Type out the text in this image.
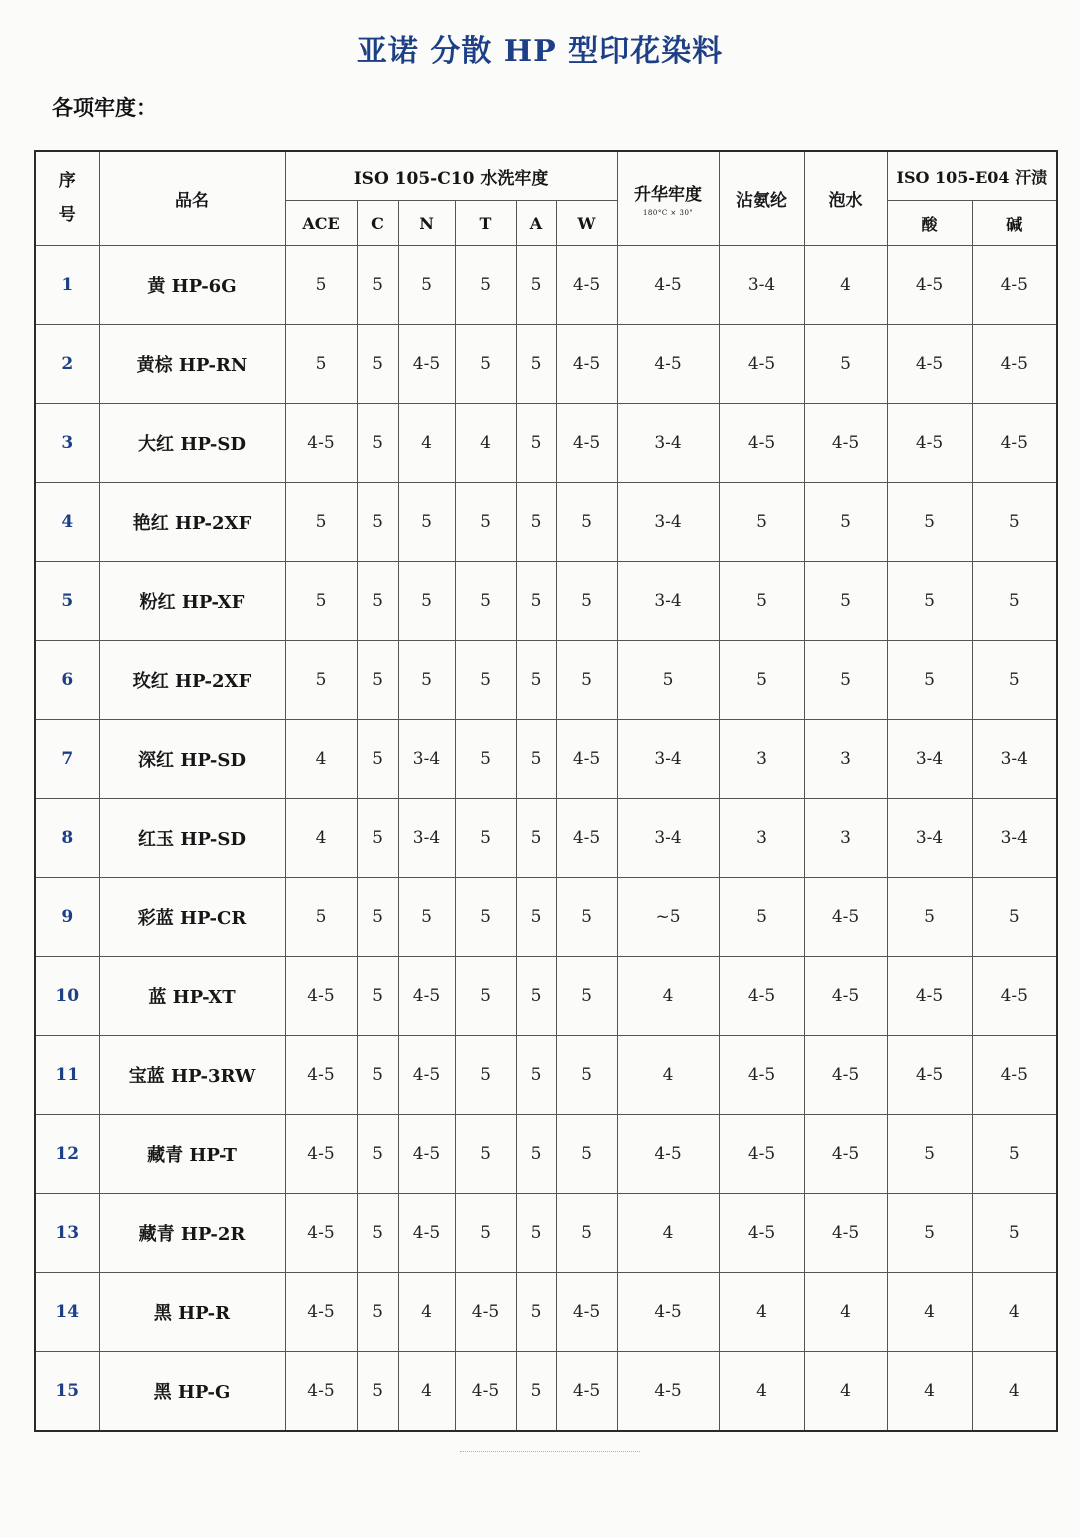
亚诺 分散 HP 型印花染料
各项牢度：
序号	品名	ISO 105-C10 水洗牢度						升华牢度
180°C × 30"	沾氨纶	泡水	ISO 105-E04 汗渍	
		ACE	C	N	T	A	W				酸	碱
1	黄 HP-6G	5	5	5	5	5	4-5	4-5	3-4	4	4-5	4-5
2	黄棕 HP-RN	5	5	4-5	5	5	4-5	4-5	4-5	5	4-5	4-5
3	大红 HP-SD	4-5	5	4	4	5	4-5	3-4	4-5	4-5	4-5	4-5
4	艳红 HP-2XF	5	5	5	5	5	5	3-4	5	5	5	5
5	粉红 HP-XF	5	5	5	5	5	5	3-4	5	5	5	5
6	玫红 HP-2XF	5	5	5	5	5	5	5	5	5	5	5
7	深红 HP-SD	4	5	3-4	5	5	4-5	3-4	3	3	3-4	3-4
8	红玉 HP-SD	4	5	3-4	5	5	4-5	3-4	3	3	3-4	3-4
9	彩蓝 HP-CR	5	5	5	5	5	5	~5	5	4-5	5	5
10	蓝 HP-XT	4-5	5	4-5	5	5	5	4	4-5	4-5	4-5	4-5
11	宝蓝 HP-3RW	4-5	5	4-5	5	5	5	4	4-5	4-5	4-5	4-5
12	藏青 HP-T	4-5	5	4-5	5	5	5	4-5	4-5	4-5	5	5
13	藏青 HP-2R	4-5	5	4-5	5	5	5	4	4-5	4-5	5	5
14	黑 HP-R	4-5	5	4	4-5	5	4-5	4-5	4	4	4	4
15	黑 HP-G	4-5	5	4	4-5	5	4-5	4-5	4	4	4	4
